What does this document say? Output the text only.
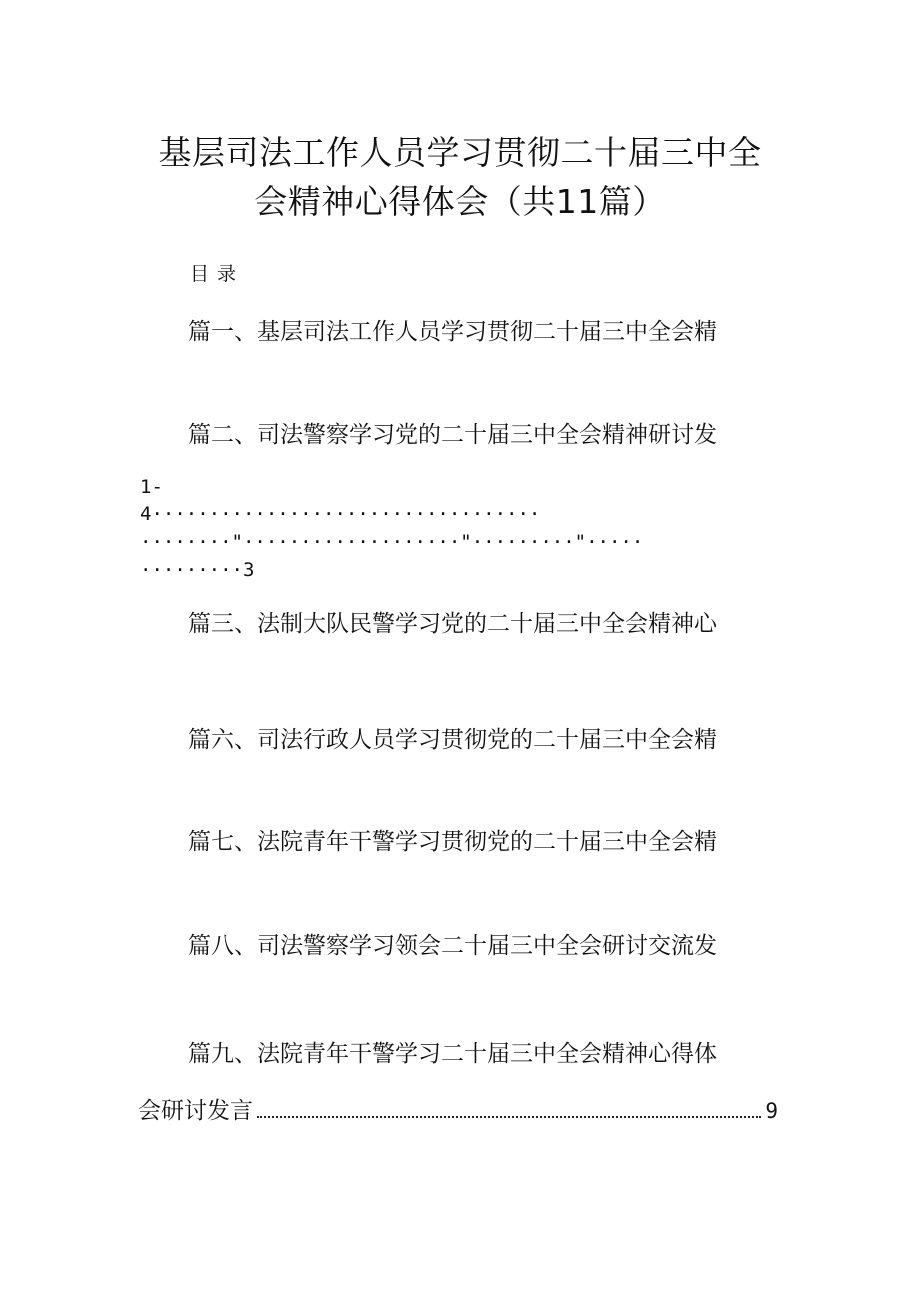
基层司法工作人员学习贯彻二十届三中全
会精神心得体会（共11篇）
目录
篇一、基层司法工作人员学习贯彻二十届三中全会精
篇二、司法警察学习党的二十届三中全会精神研讨发
1-
4··································
········"···················"·········"·····
·········3
篇三、法制大队民警学习党的二十届三中全会精神心
篇六、司法行政人员学习贯彻党的二十届三中全会精
篇七、法院青年干警学习贯彻党的二十届三中全会精
篇八、司法警察学习领会二十届三中全会研讨交流发
篇九、法院青年干警学习二十届三中全会精神心得体
会研讨发言	9
